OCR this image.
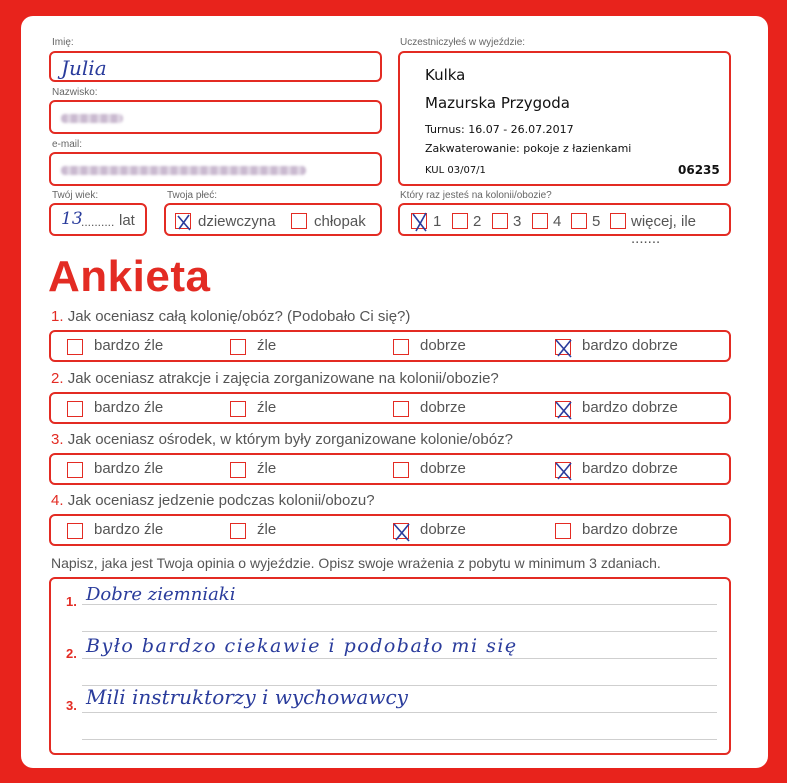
Imię:
Julia
Nazwisko:
e-mail:
Uczestniczyłeś w wyjeździe:
Kulka
Mazurska Przygoda
Turnus: 16.07 - 26.07.2017
Zakwaterowanie: pokoje z łazienkami
KUL 03/07/1	06235
Twój wiek:
13
.......... lat
Twoja płeć:
dziewczyna	chłopak
Który raz jesteś na kolonii/obozie?
1 2 3 4 5 więcej, ile .......
Ankieta
1. Jak oceniasz całą kolonię/obóz? (Podobało Ci się?)
2. Jak oceniasz atrakcje i zajęcia zorganizowane na kolonii/obozie?
3. Jak oceniasz ośrodek, w którym były zorganizowane kolonie/obóz?
4. Jak oceniasz jedzenie podczas kolonii/obozu?
bardzo źle	źle	dobrze	bardzo dobrze
bardzo źle	źle	dobrze	bardzo dobrze
bardzo źle	źle	dobrze	bardzo dobrze
bardzo źle	źle	dobrze	bardzo dobrze
Napisz, jaka jest Twoja opinia o wyjeździe. Opisz swoje wrażenia z pobytu w minimum 3 zdaniach.
1. Dobre ziemniaki
2. Było bardzo ciekawie i podobało mi się
3. Mili instruktorzy i wychowawcy
